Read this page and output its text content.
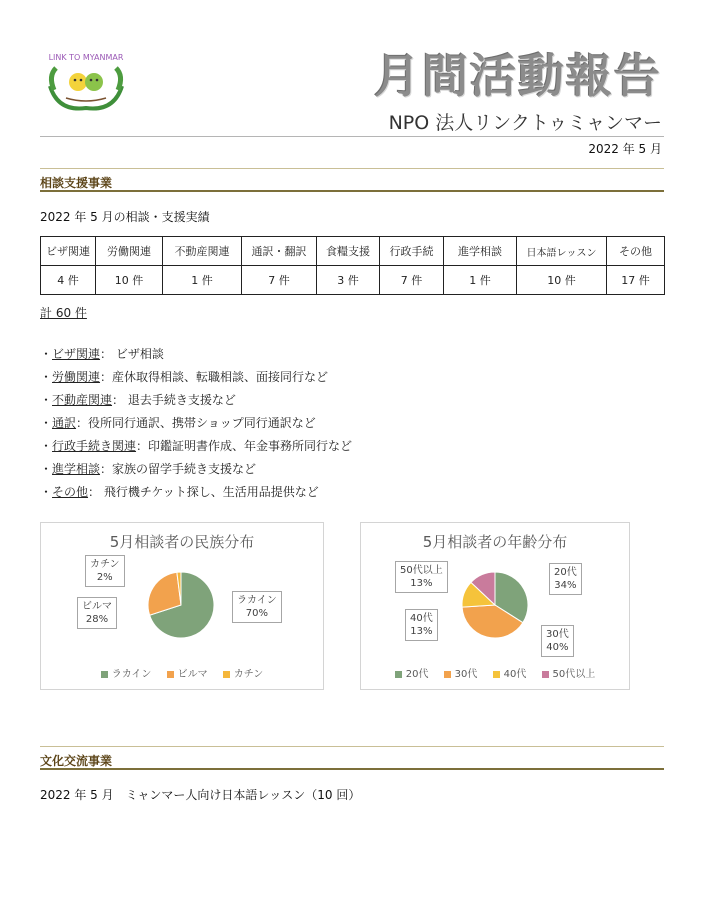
LINK TO MYANMAR	月間活動報告
NPO 法人リンクトゥミャンマー
2022 年 5 月
相談支援事業
2022 年 5 月の相談・支援実績
ビザ関連	労働関連	不動産関連	通訳・翻訳	食糧支援	行政手続	進学相談	日本語レッスン	その他
4 件	10 件	1 件	7 件	3 件	7 件	1 件	10 件	17 件
計 60 件
・ビザ関連： ビザ相談
・労働関連：産休取得相談、転職相談、面接同行など
・不動産関連： 退去手続き支援など
・通訳：役所同行通訳、携帯ショップ同行通訳など
・行政手続き関連：印鑑証明書作成、年金事務所同行など
・進学相談：家族の留学手続き支援など
・その他： 飛行機チケット探し、生活用品提供など
5月相談者の民族分布
カチン
2%
ビルマ
28%
ラカイン
70%
ラカイン	ビルマ	カチン
5月相談者の年齢分布
50代以上
13%
20代
34%
40代
13%	30代
40%
20代	30代	40代	50代以上
文化交流事業
2022 年 5 月　ミャンマー人向け日本語レッスン（10 回）
